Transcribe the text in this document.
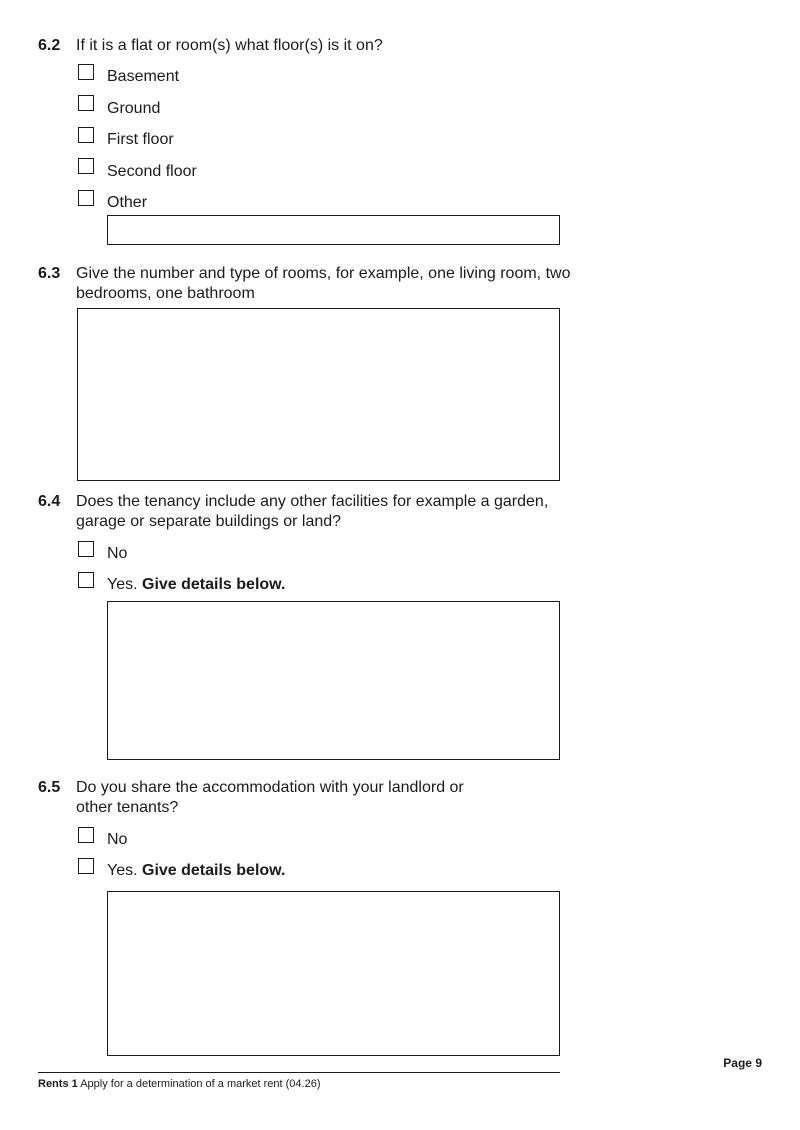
6.2 If it is a flat or room(s) what floor(s) is it on?
Basement
Ground
First floor
Second floor
Other
6.3 Give the number and type of rooms, for example, one living room, two bedrooms, one bathroom
6.4 Does the tenancy include any other facilities for example a garden, garage or separate buildings or land?
No
Yes. Give details below.
6.5 Do you share the accommodation with your landlord or other tenants?
No
Yes. Give details below.
Page 9
Rents 1 Apply for a determination of a market rent (04.26)
